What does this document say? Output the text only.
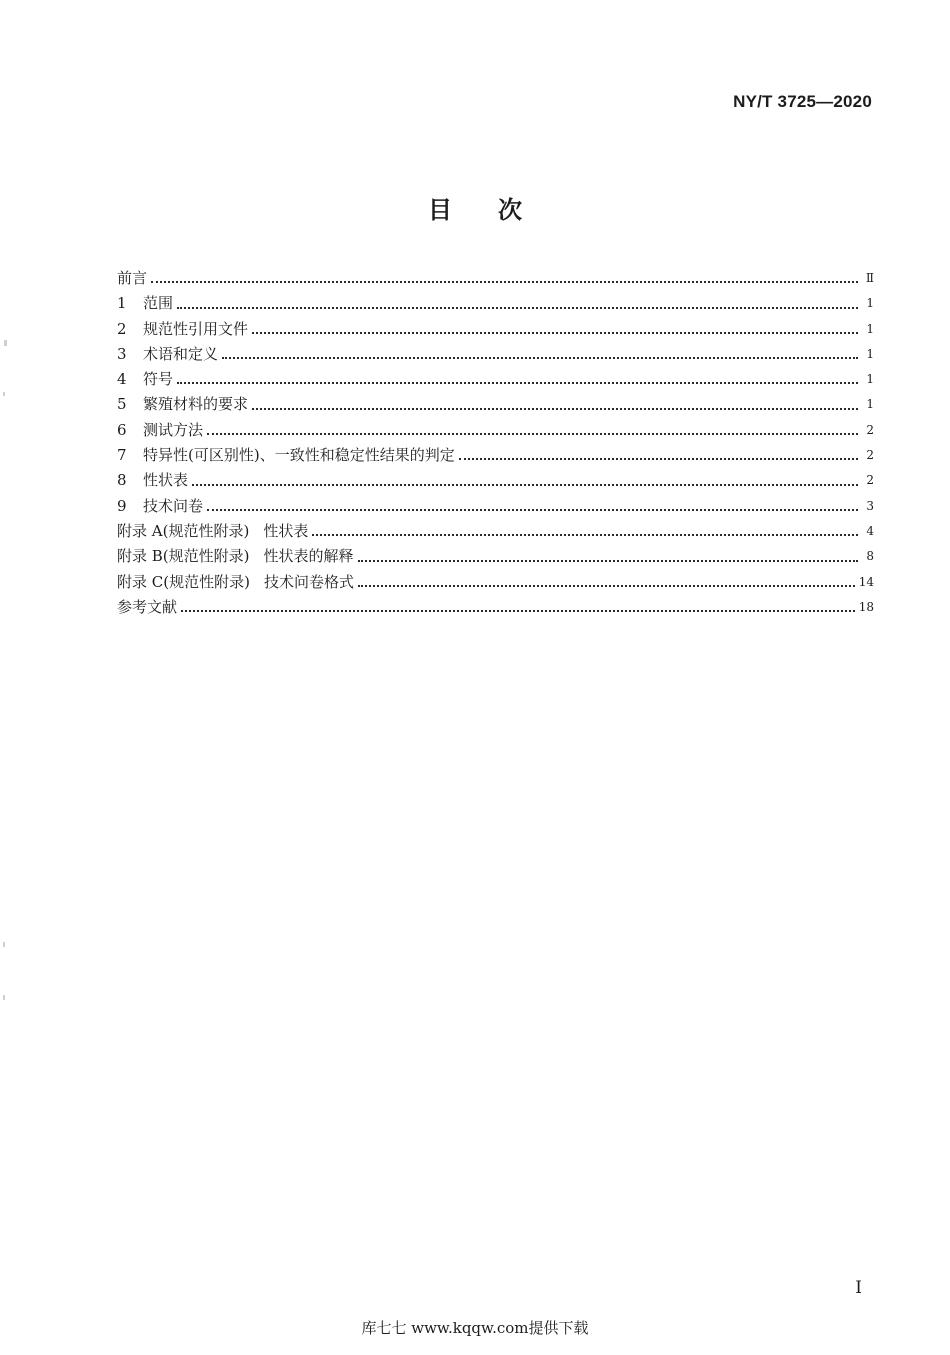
NY/T 3725—2020
目 次
前言	Ⅱ
1	范围	1
2	规范性引用文件	1
3	术语和定义	1
4	符号	1
5	繁殖材料的要求	1
6	测试方法	2
7	特异性(可区别性)、一致性和稳定性结果的判定	2
8	性状表	2
9	技术问卷	3
附录 A(规范性附录) 性状表	4
附录 B(规范性附录) 性状表的解释	8
附录 C(规范性附录) 技术问卷格式	14
参考文献	18
I
库七七 www.kqqw.com提供下载
